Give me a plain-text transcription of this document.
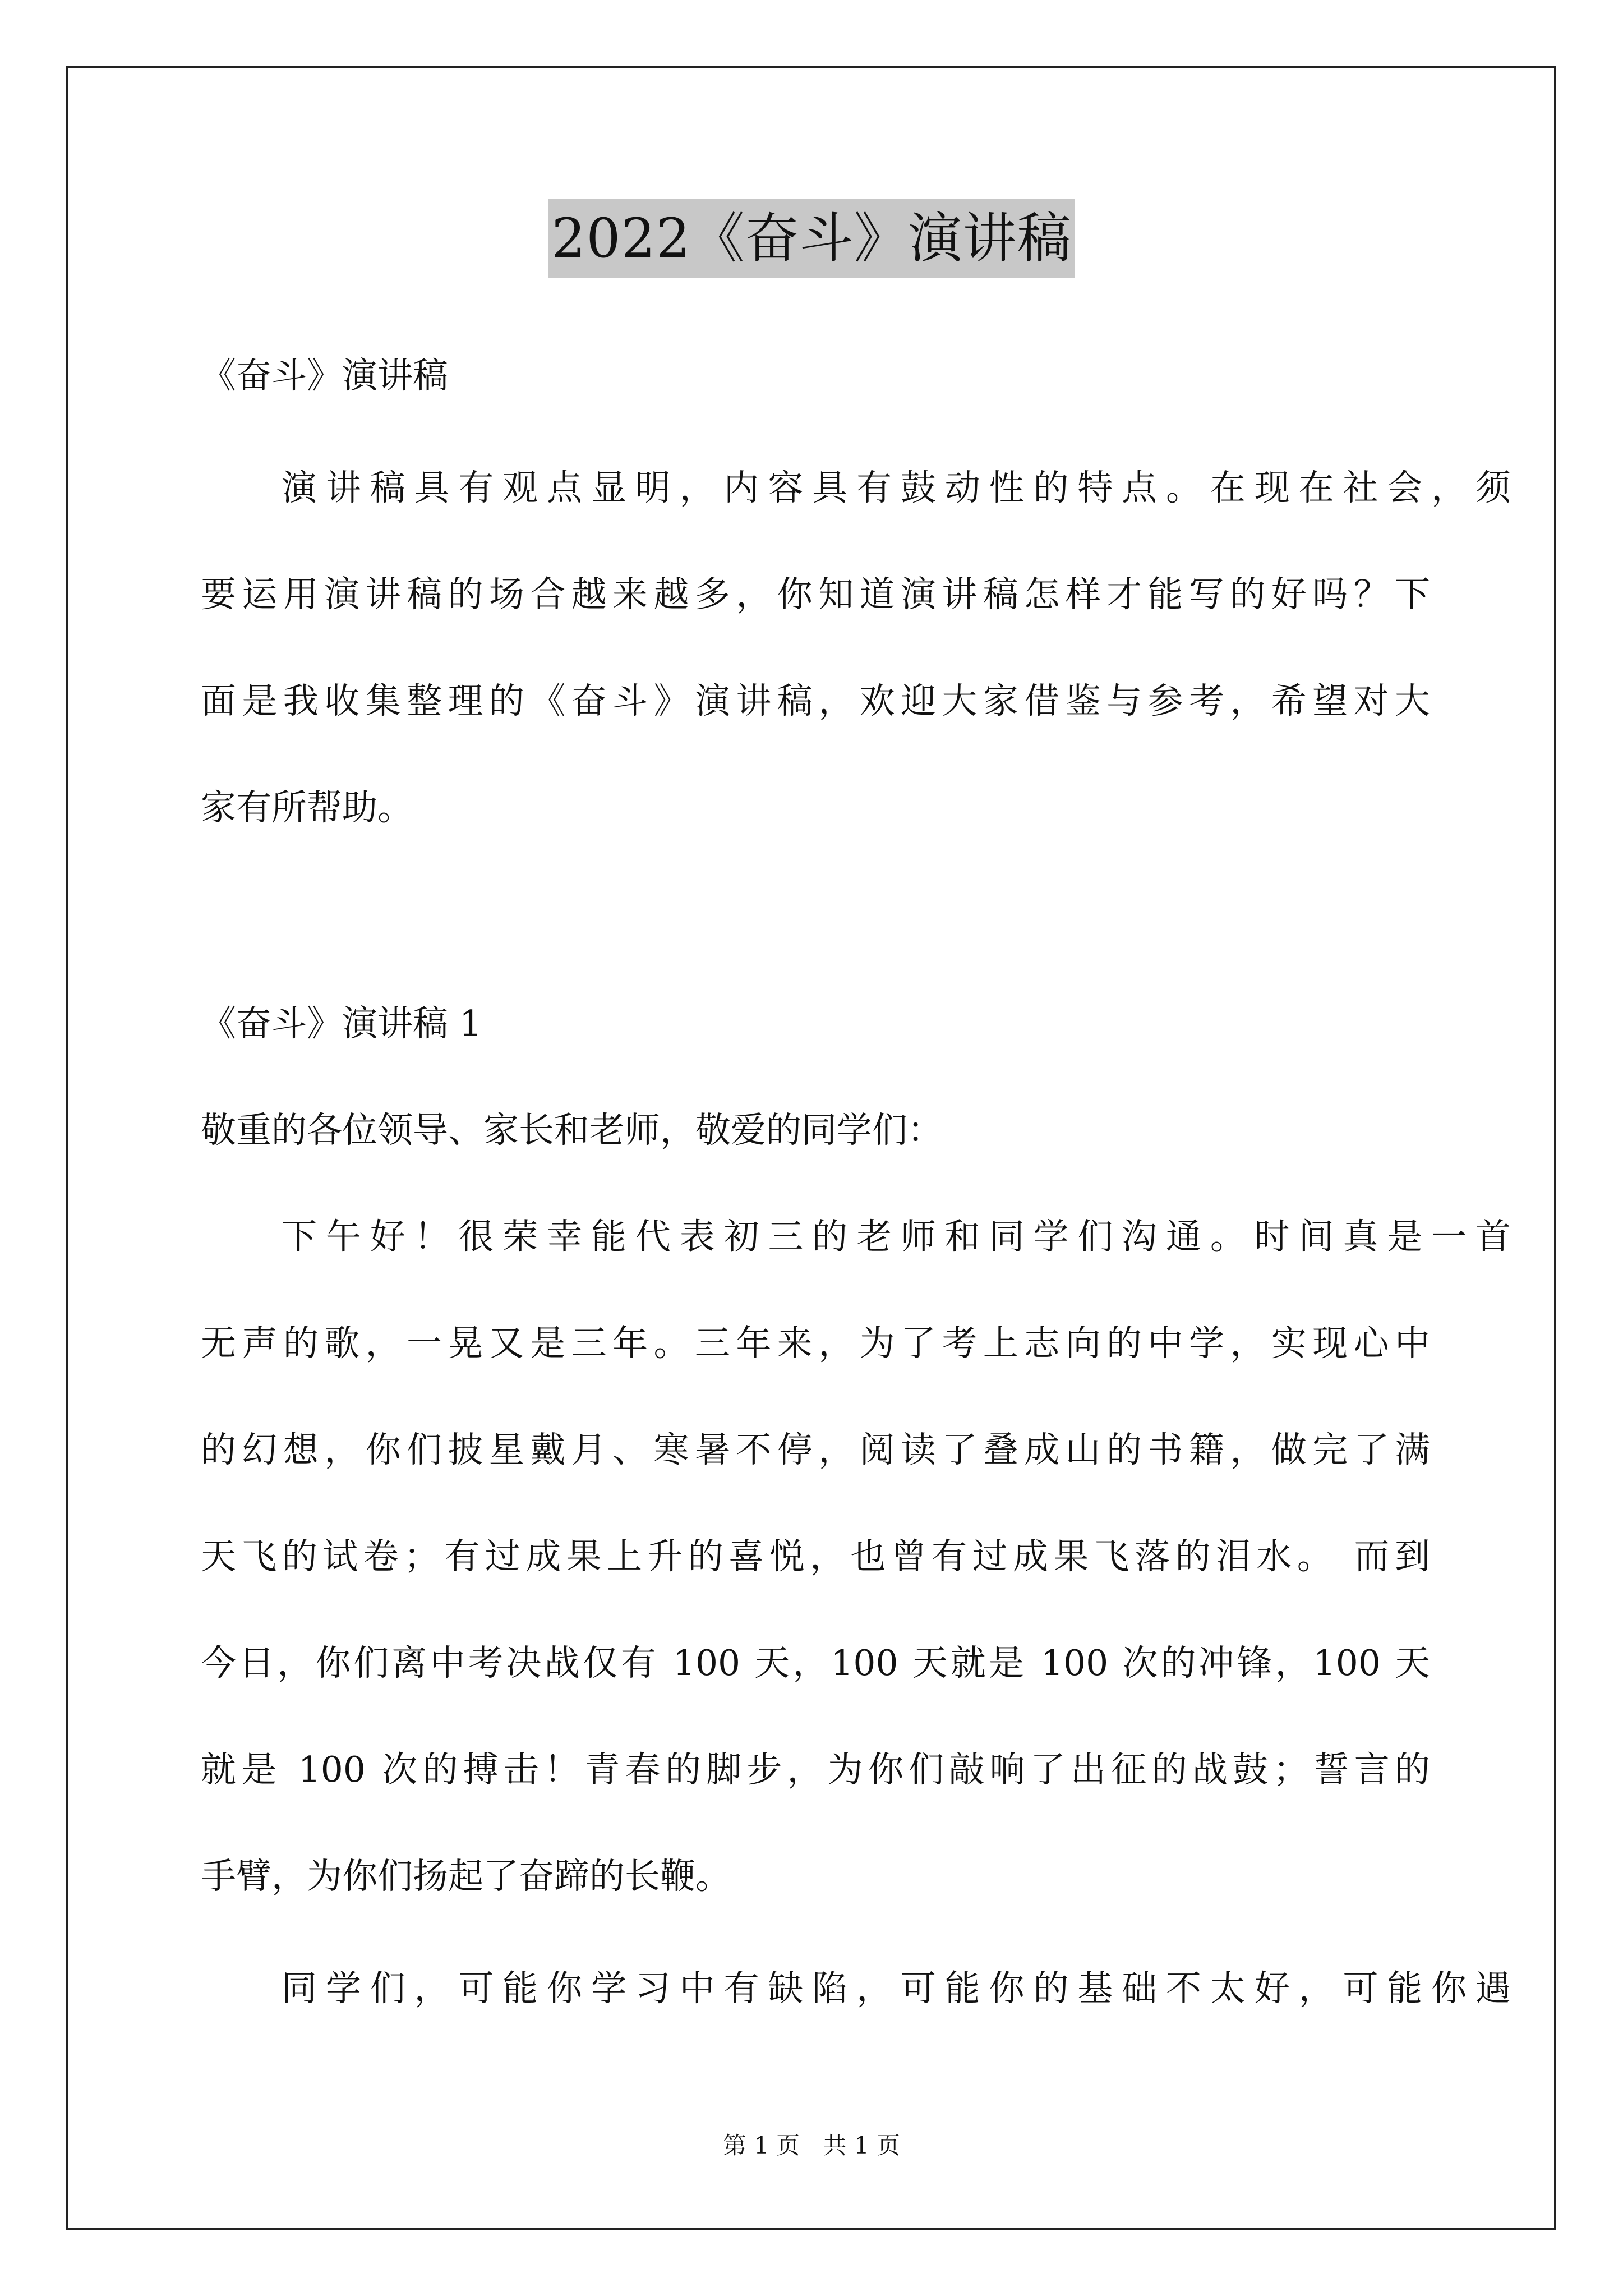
2022《奋斗》演讲稿
《奋斗》演讲稿
演讲稿具有观点显明，内容具有鼓动性的特点。在现在社会，须
要运用演讲稿的场合越来越多，你知道演讲稿怎样才能写的好吗？下
面是我收集整理的《奋斗》演讲稿，欢迎大家借鉴与参考，希望对大
家有所帮助。
《奋斗》演讲稿 1
敬重的各位领导、家长和老师，敬爱的同学们：
下午好！很荣幸能代表初三的老师和同学们沟通。时间真是一首
无声的歌，一晃又是三年。三年来，为了考上志向的中学，实现心中
的幻想，你们披星戴月、寒暑不停，阅读了叠成山的书籍，做完了满
天飞的试卷；有过成果上升的喜悦，也曾有过成果飞落的泪水。 而到
今日，你们离中考决战仅有 100 天，100 天就是 100 次的冲锋，100 天
就是 100 次的搏击！青春的脚步，为你们敲响了出征的战鼓；誓言的
手臂，为你们扬起了奋蹄的长鞭。
同学们，可能你学习中有缺陷，可能你的基础不太好，可能你遇
第 1 页 共 1 页
